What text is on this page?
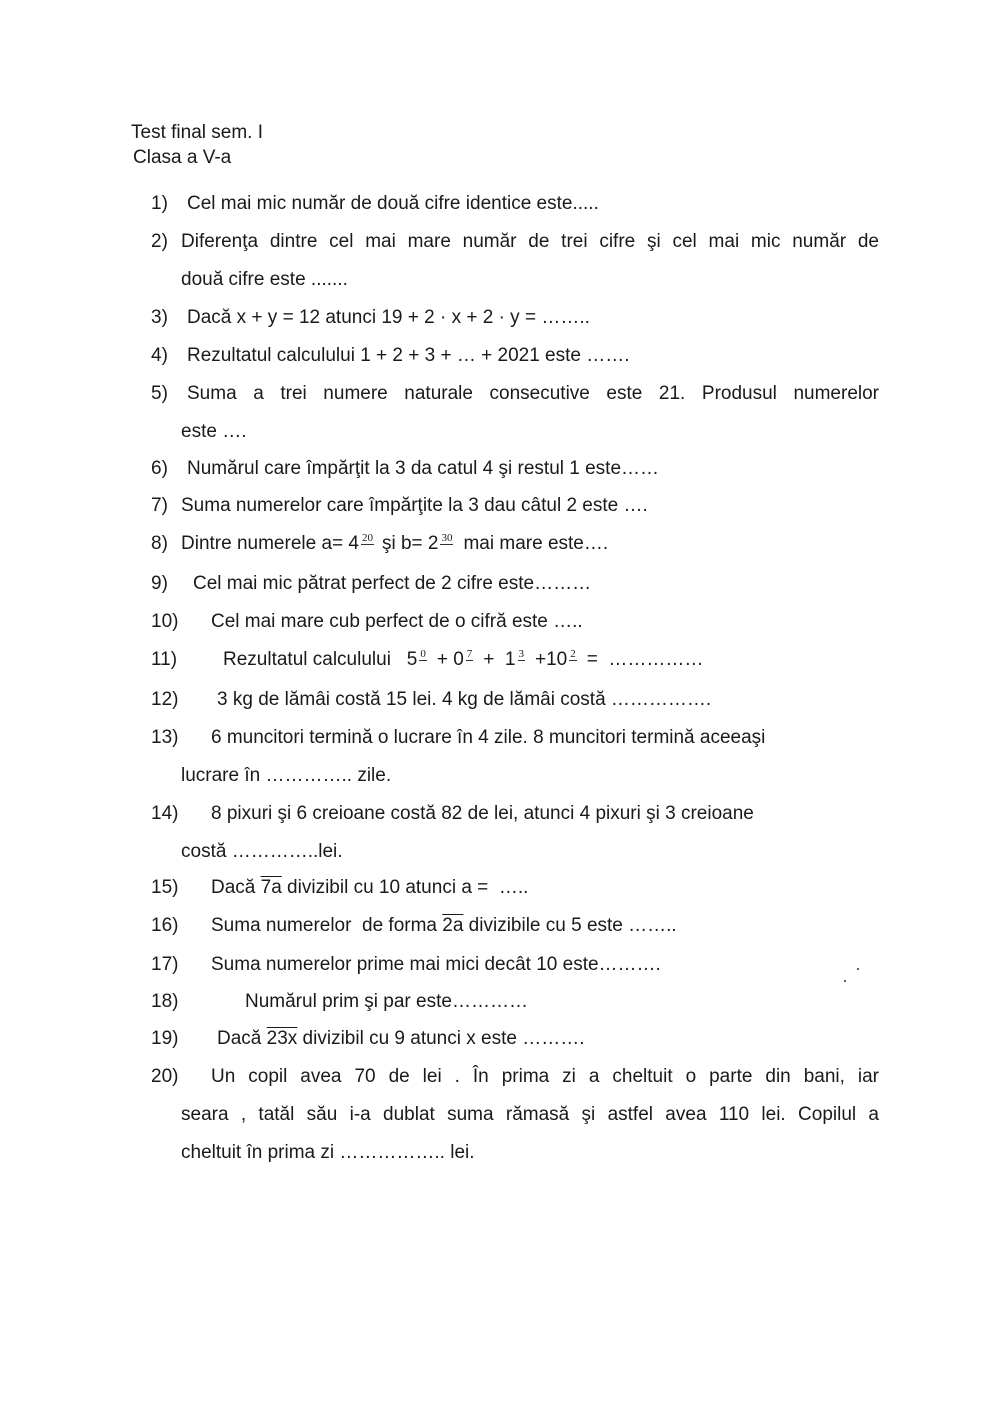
Test final sem. I
Clasa a V-a
1) Cel mai mic număr de două cifre identice este.....
2) Diferenţa dintre cel mai mare număr de trei cifre şi cel mai mic număr de
două cifre este .......
3) Dacă x + y = 12 atunci 19 + 2 · x + 2 · y = ……..
4) Rezultatul calculului 1 + 2 + 3 + … + 2021 este …….
5) Suma a trei numere naturale consecutive este 21. Produsul numerelor
este ….
6) Numărul care împărţit la 3 da catul 4 şi restul 1 este……
7) Suma numerelor care împărţite la 3 dau câtul 2 este ….
8) Dintre numerele a= 4 20 şi b= 2 30 mai mare este….
9) Cel mai mic pătrat perfect de 2 cifre este………
10) Cel mai mare cub perfect de o cifră este …..
11) Rezultatul calculului   5 0 + 0 7 +  1 3 +10 2 =  ……………
12) 3 kg de lămâi costă 15 lei. 4 kg de lămâi costă …………….
13) 6 muncitori termină o lucrare în 4 zile. 8 muncitori termină aceeaşi
lucrare în ………….. zile.
14) 8 pixuri şi 6 creioane costă 82 de lei, atunci 4 pixuri şi 3 creioane
costă …………..lei.
15) Dacă 7a divizibil cu 10 atunci a =  …..
16) Suma numerelor  de forma 2a divizibile cu 5 este ……..
17) Suma numerelor prime mai mici decât 10 este……….
18)	Numărul prim şi par este…………
19) Dacă 23x divizibil cu 9 atunci x este ……….
20) Un copil avea 70 de lei . În prima zi a cheltuit o parte din bani, iar
seara , tatăl său i-a dublat suma rămasă şi astfel avea 110 lei. Copilul a
cheltuit în prima zi …………….. lei.
